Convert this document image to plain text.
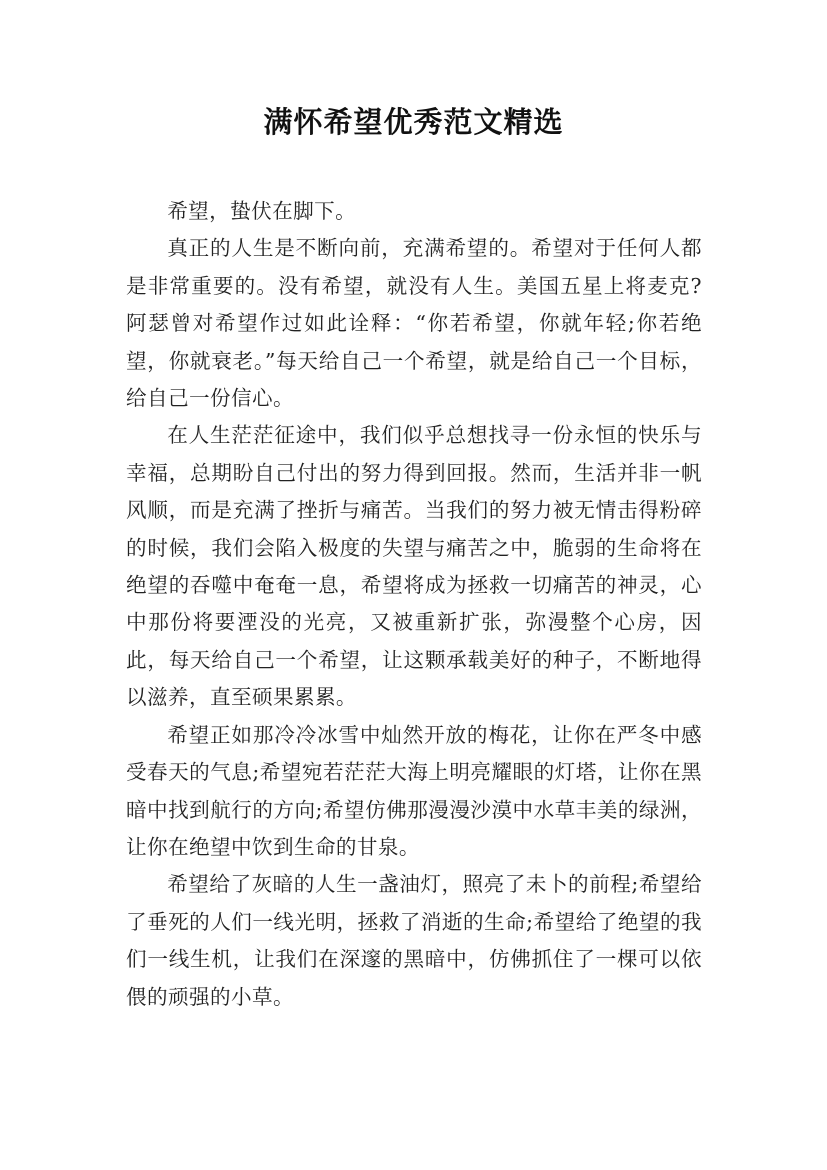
满怀希望优秀范文精选

希望，蛰伏在脚下。

真正的人生是不断向前，充满希望的。希望对于任何人都是非常重要的。没有希望，就没有人生。美国五星上将麦克?阿瑟曾对希望作过如此诠释：“你若希望，你就年轻;你若绝望，你就衰老。”每天给自己一个希望，就是给自己一个目标，给自己一份信心。

在人生茫茫征途中，我们似乎总想找寻一份永恒的快乐与幸福，总期盼自己付出的努力得到回报。然而，生活并非一帆风顺，而是充满了挫折与痛苦。当我们的努力被无情击得粉碎的时候，我们会陷入极度的失望与痛苦之中，脆弱的生命将在绝望的吞噬中奄奄一息，希望将成为拯救一切痛苦的神灵，心中那份将要湮没的光亮，又被重新扩张，弥漫整个心房，因此，每天给自己一个希望，让这颗承载美好的种子，不断地得以滋养，直至硕果累累。

希望正如那冷冷冰雪中灿然开放的梅花，让你在严冬中感受春天的气息;希望宛若茫茫大海上明亮耀眼的灯塔，让你在黑暗中找到航行的方向;希望仿佛那漫漫沙漠中水草丰美的绿洲，让你在绝望中饮到生命的甘泉。

希望给了灰暗的人生一盏油灯，照亮了未卜的前程;希望给了垂死的人们一线光明，拯救了消逝的生命;希望给了绝望的我们一线生机，让我们在深邃的黑暗中，仿佛抓住了一棵可以依偎的顽强的小草。
